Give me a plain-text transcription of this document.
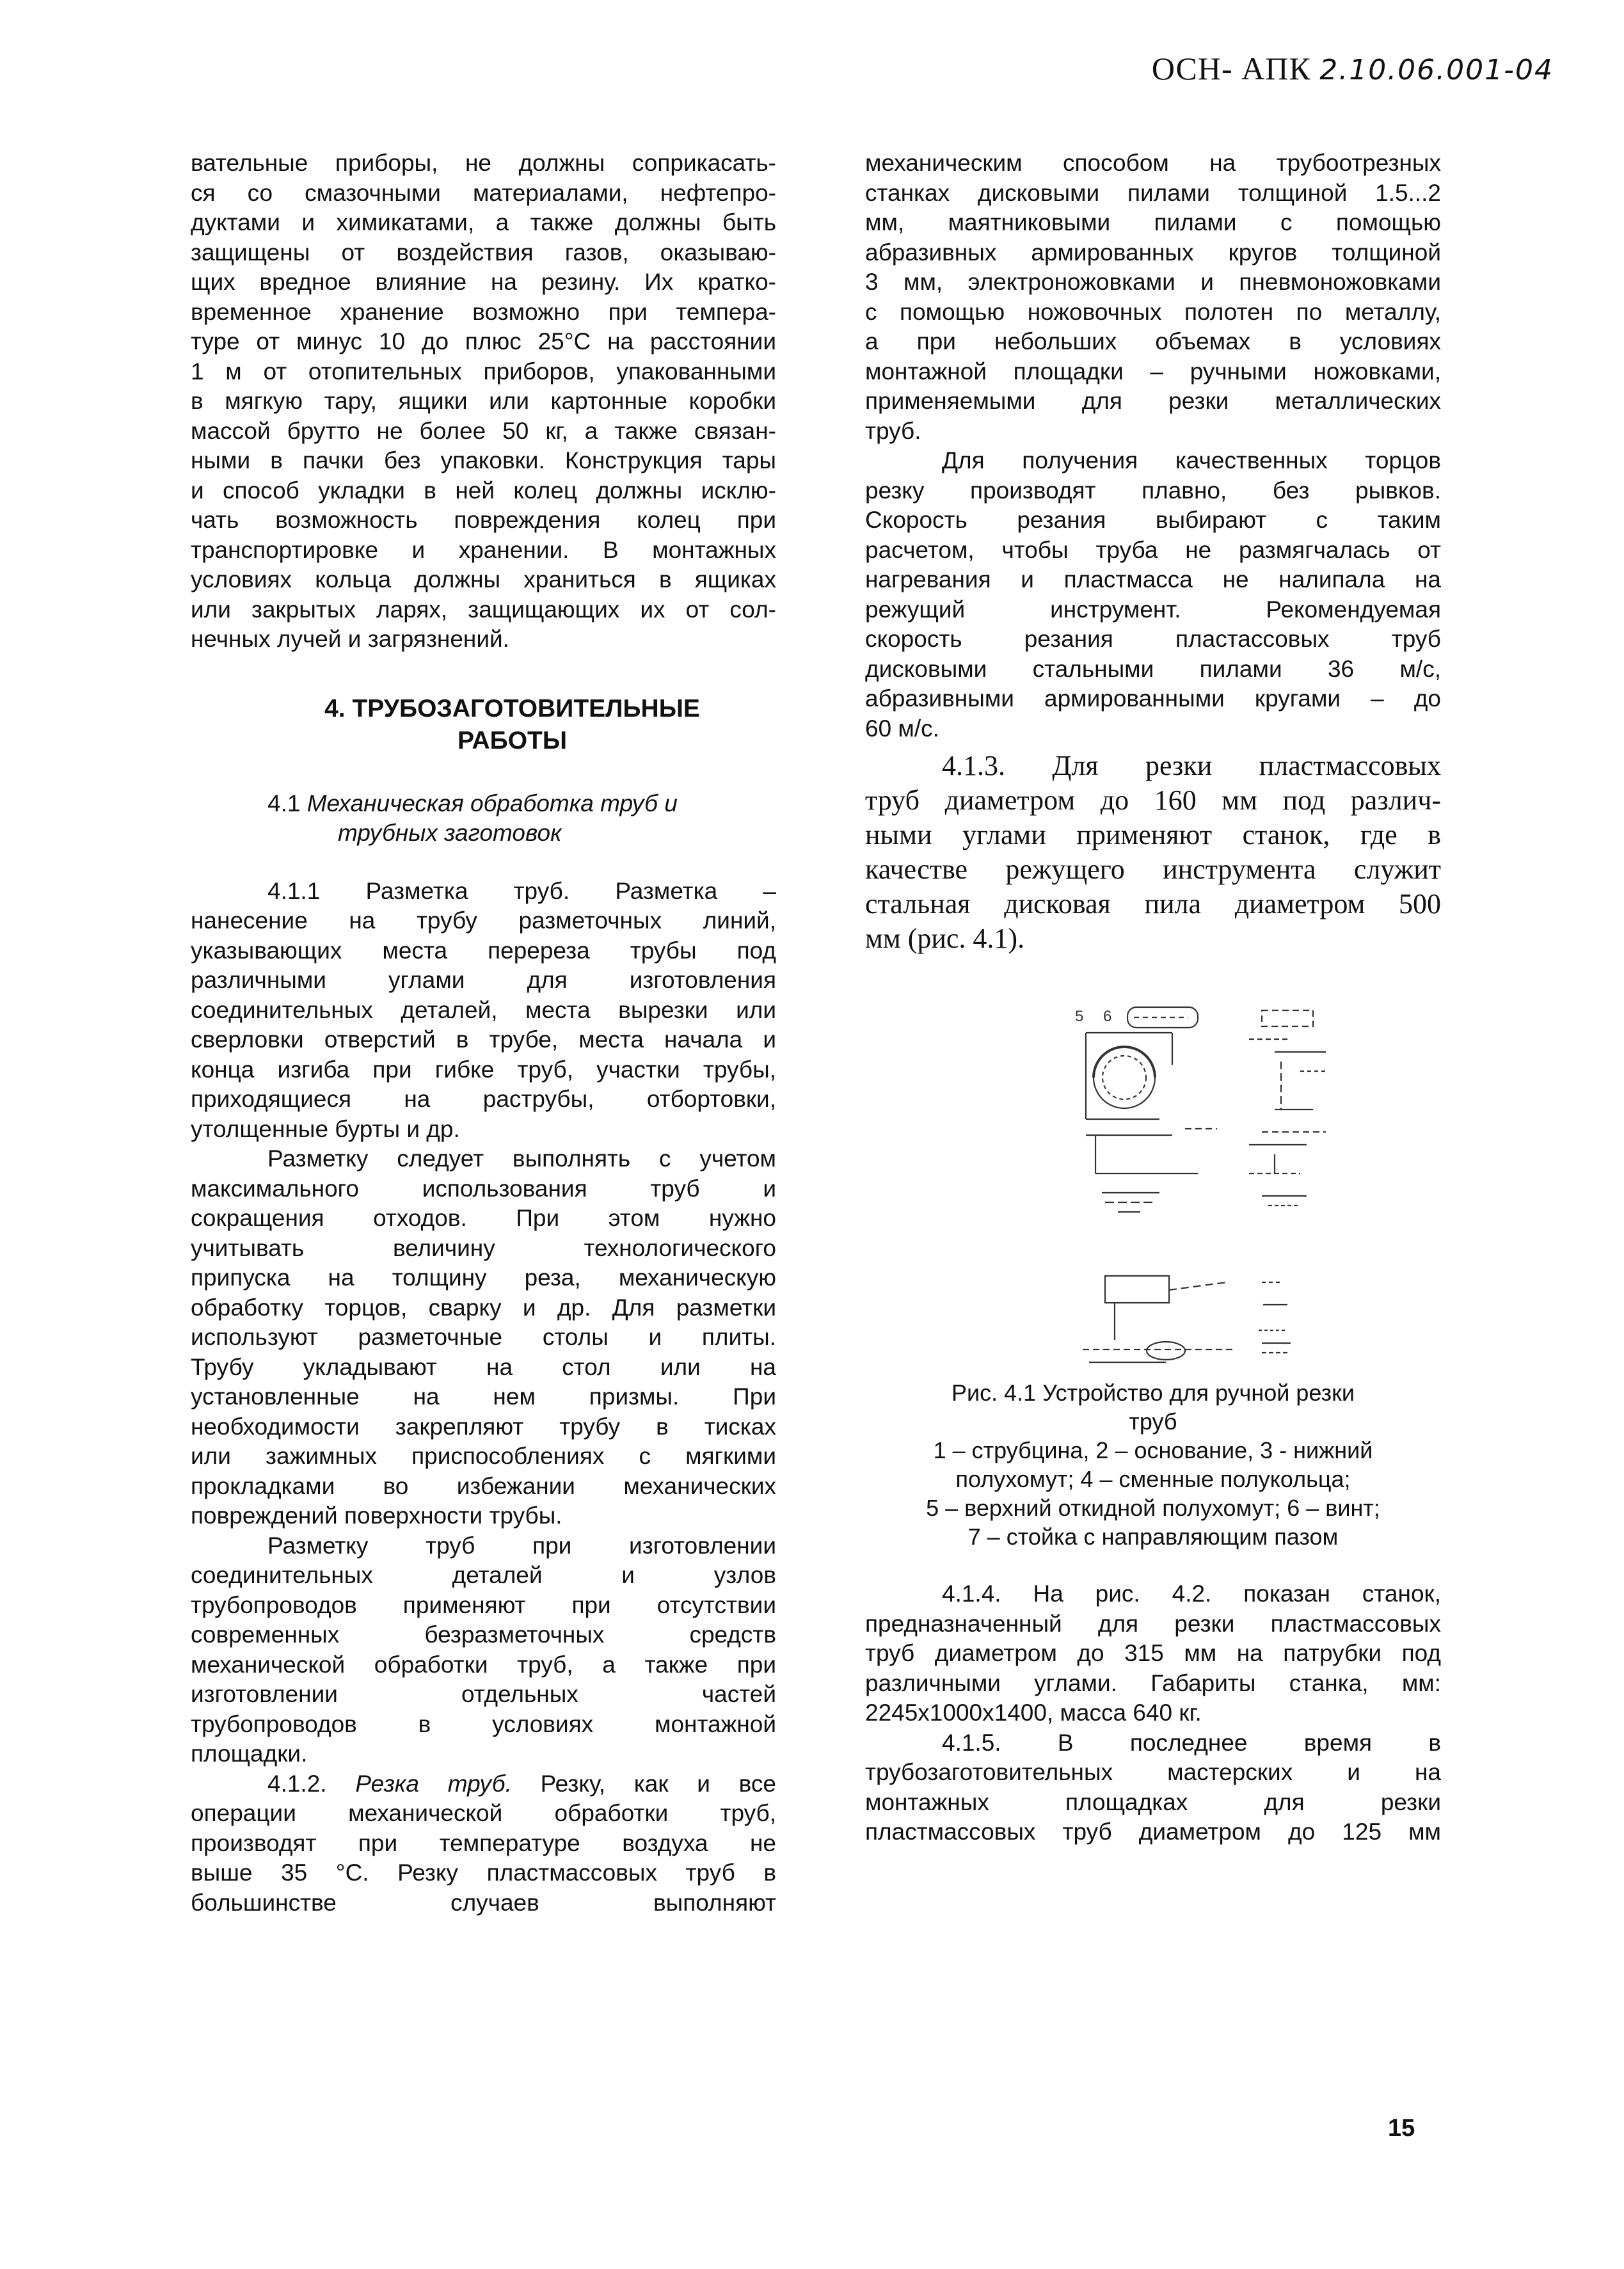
ОСН- АПК 2.10.06.001-04
вательные приборы, не должны соприкасать-
ся со смазочными материалами, нефтепро-
дуктами и химикатами, а также должны быть
защищены от воздействия газов, оказываю-
щих вредное влияние на резину. Их кратко-
временное хранение возможно при темпера-
туре от минус 10 до плюс 25°С на расстоянии
1 м от отопительных приборов, упакованными
в мягкую тару, ящики или картонные коробки
массой брутто не более 50 кг, а также связан-
ными в пачки без упаковки. Конструкция тары
и способ укладки в ней колец должны исклю-
чать возможность повреждения колец при
транспортировке и хранении. В монтажных
условиях кольца должны храниться в ящиках
или закрытых ларях, защищающих их от сол-
нечных лучей и загрязнений.
4. ТРУБОЗАГОТОВИТЕЛЬНЫЕ
РАБОТЫ
4.1 Механическая обработка труб и
трубных заготовок
4.1.1 Разметка труб. Разметка –
нанесение на трубу разметочных линий,
указывающих места перереза трубы под
различными углами для изготовления
соединительных деталей, места вырезки или
сверловки отверстий в трубе, места начала и
конца изгиба при гибке труб, участки трубы,
приходящиеся на раструбы, отбортовки,
утолщенные бурты и др.
Разметку следует выполнять с учетом
максимального использования труб и
сокращения отходов. При этом нужно
учитывать величину технологического
припуска на толщину реза, механическую
обработку торцов, сварку и др. Для разметки
используют разметочные столы и плиты.
Трубу укладывают на стол или на
установленные на нем призмы. При
необходимости закрепляют трубу в тисках
или зажимных приспособлениях с мягкими
прокладками во избежании механических
повреждений поверхности трубы.
Разметку труб при изготовлении
соединительных деталей и узлов
трубопроводов применяют при отсутствии
современных безразметочных средств
механической обработки труб, а также при
изготовлении отдельных частей
трубопроводов в условиях монтажной
площадки.
4.1.2. Резка труб. Резку, как и все
операции механической обработки труб,
производят при температуре воздуха не
выше 35 °С. Резку пластмассовых труб в
большинстве случаев выполняют
механическим способом на трубоотрезных
станках дисковыми пилами толщиной 1.5...2
мм, маятниковыми пилами с помощью
абразивных армированных кругов толщиной
3 мм, электроножовками и пневмоножовками
с помощью ножовочных полотен по металлу,
а при небольших объемах в условиях
монтажной площадки – ручными ножовками,
применяемыми для резки металлических
труб.
Для получения качественных торцов
резку производят плавно, без рывков.
Скорость резания выбирают с таким
расчетом, чтобы труба не размягчалась от
нагревания и пластмасса не налипала на
режущий инструмент. Рекомендуемая
скорость резания пластассовых труб
дисковыми стальными пилами 36 м/с,
абразивными армированными кругами – до
60 м/с.
4.1.3. Для резки пластмассовых
труб диаметром до 160 мм под различ-
ными углами применяют станок, где в
качестве режущего инструмента служит
стальная дисковая пила диаметром 500
мм (рис. 4.1).
5 6
Рис. 4.1 Устройство для ручной резки
труб
1 – струбцина, 2 – основание, 3 - нижний
полухомут; 4 – сменные полукольца;
5 – верхний откидной полухомут; 6 – винт;
7 – стойка с направляющим пазом
4.1.4. На рис. 4.2. показан станок,
предназначенный для резки пластмассовых
труб диаметром до 315 мм на патрубки под
различными углами. Габариты станка, мм:
2245х1000х1400, масса 640 кг.
4.1.5. В последнее время в
трубозаготовительных мастерских и на
монтажных площадках для резки
пластмассовых труб диаметром до 125 мм
15
